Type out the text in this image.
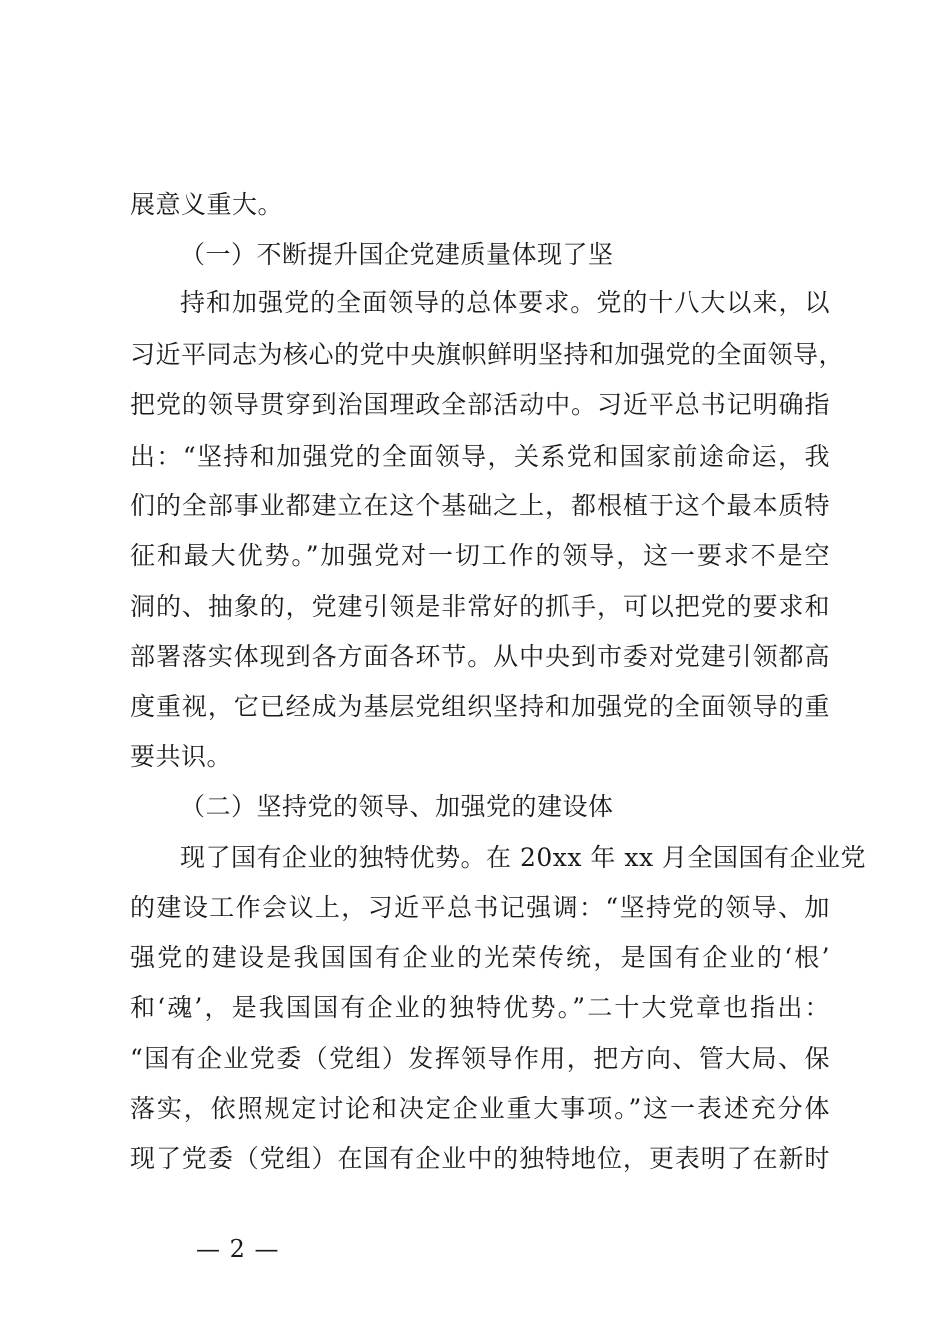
展意义重大。
（一）不断提升国企党建质量体现了坚
持和加强党的全面领导的总体要求。党的十八大以来，以
习近平同志为核心的党中央旗帜鲜明坚持和加强党的全面领导，
把党的领导贯穿到治国理政全部活动中。习近平总书记明确指
出：“坚持和加强党的全面领导，关系党和国家前途命运，我
们的全部事业都建立在这个基础之上，都根植于这个最本质特
征和最大优势。”加强党对一切工作的领导，这一要求不是空
洞的、抽象的，党建引领是非常好的抓手，可以把党的要求和
部署落实体现到各方面各环节。从中央到市委对党建引领都高
度重视，它已经成为基层党组织坚持和加强党的全面领导的重
要共识。
（二）坚持党的领导、加强党的建设体
现了国有企业的独特优势。在 20xx 年 xx 月全国国有企业党
的建设工作会议上，习近平总书记强调：“坚持党的领导、加
强党的建设是我国国有企业的光荣传统，是国有企业的‘根’
和‘魂’，是我国国有企业的独特优势。”二十大党章也指出：
“国有企业党委（党组）发挥领导作用，把方向、管大局、保
落实，依照规定讨论和决定企业重大事项。”这一表述充分体
现了党委（党组）在国有企业中的独特地位，更表明了在新时
— 2 —
